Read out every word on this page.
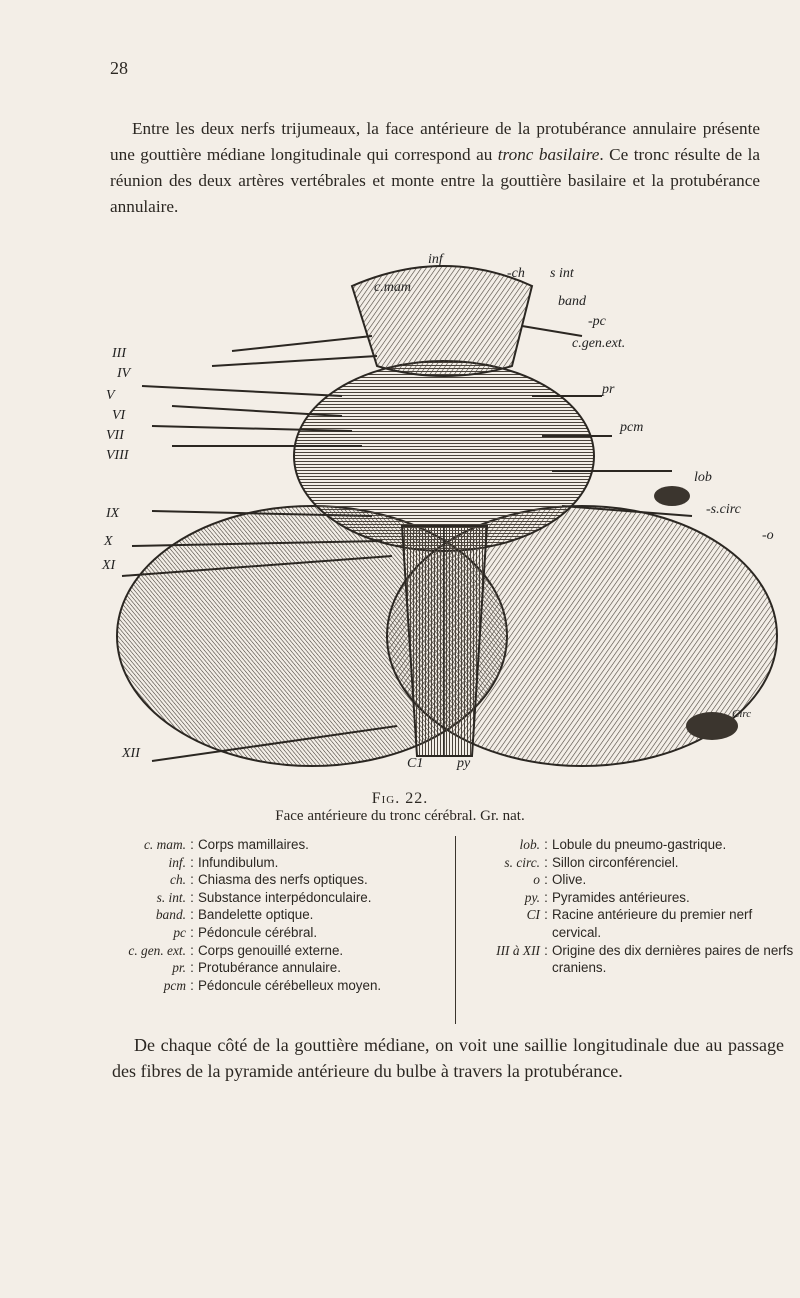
28
Entre les deux nerfs trijumeaux, la face antérieure de la protubérance annulaire présente une gouttière médiane longitudinale qui correspond au tronc basilaire. Ce tronc résulte de la réunion des deux artères vertébrales et monte entre la gouttière basilaire et la protubérance annulaire.
inf
c.mam
-ch s int
band
-pc
c.gen.ext.
pr
pcm
lob
-s.circ
-o
III
IV
V
VI
VII
VIII
IX
X
XI
XII
C1 py
Circ
Fig. 22.
Face antérieure du tronc cérébral. Gr. nat.
c. mam. : Corps mamillaires.
inf. : Infundibulum.
ch. : Chiasma des nerfs optiques.
s. int. : Substance interpédonculaire.
band. : Bandelette optique.
pc : Pédoncule cérébral.
c. gen. ext. : Corps genouillé externe.
pr. : Protubérance annulaire.
pcm : Pédoncule cérébelleux moyen.
lob. : Lobule du pneumo-gastrique.
s. circ. : Sillon circonférenciel.
o : Olive.
py. : Pyramides antérieures.
CI : Racine antérieure du premier nerf cervical.
III à XII : Origine des dix dernières paires de nerfs craniens.
De chaque côté de la gouttière médiane, on voit une saillie longitudinale due au passage des fibres de la pyramide antérieure du bulbe à travers la protubérance.
